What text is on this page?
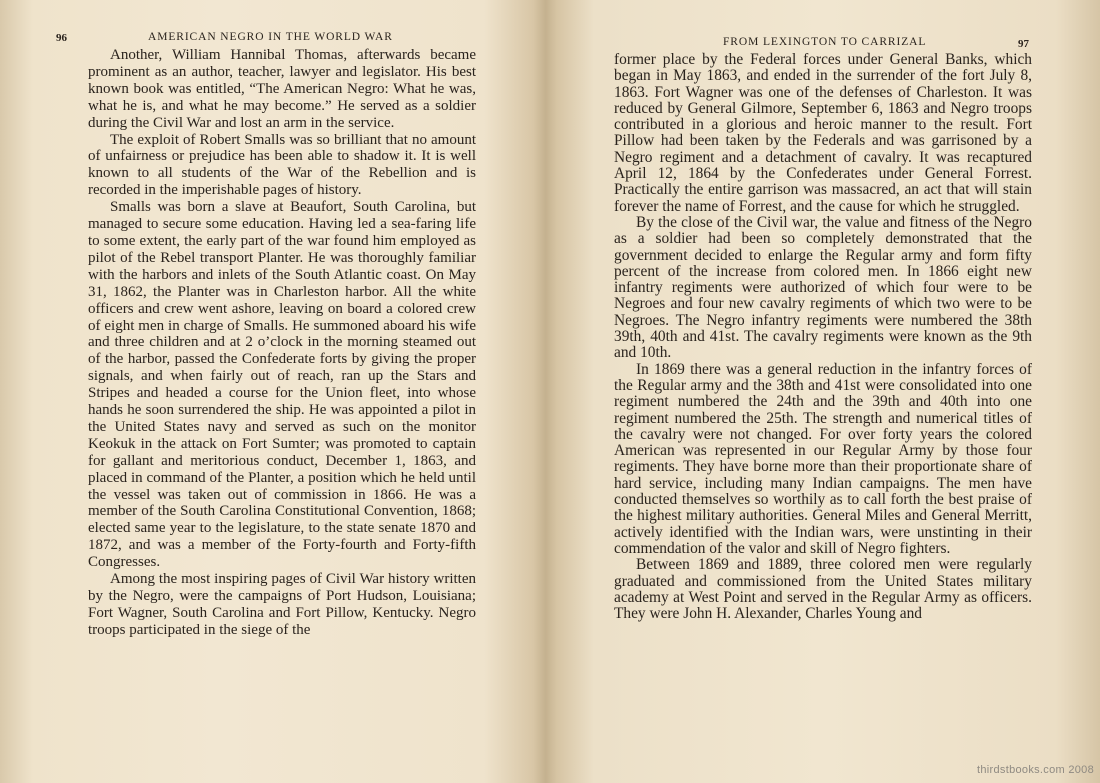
96	AMERICAN NEGRO IN THE WORLD WAR

Another, William Hannibal Thomas, afterwards became prominent as an author, teacher, lawyer and legislator. His best known book was entitled, “The American Negro: What he was, what he is, and what he may become.” He served as a soldier during the Civil War and lost an arm in the service.

The exploit of Robert Smalls was so brilliant that no amount of unfairness or prejudice has been able to shadow it. It is well known to all students of the War of the Rebellion and is recorded in the imperishable pages of history.

Smalls was born a slave at Beaufort, South Carolina, but managed to secure some education. Having led a sea-faring life to some extent, the early part of the war found him employed as pilot of the Rebel transport Planter. He was thoroughly familiar with the harbors and inlets of the South Atlantic coast. On May 31, 1862, the Planter was in Charleston harbor. All the white officers and crew went ashore, leaving on board a colored crew of eight men in charge of Smalls. He summoned aboard his wife and three children and at 2 o’clock in the morning steamed out of the harbor, passed the Confederate forts by giving the proper signals, and when fairly out of reach, ran up the Stars and Stripes and headed a course for the Union fleet, into whose hands he soon surrendered the ship. He was appointed a pilot in the United States navy and served as such on the monitor Keokuk in the attack on Fort Sumter; was promoted to captain for gallant and meritorious conduct, December 1, 1863, and placed in command of the Planter, a position which he held until the vessel was taken out of commission in 1866. He was a member of the South Carolina Constitutional Convention, 1868; elected same year to the legislature, to the state senate 1870 and 1872, and was a member of the Forty-fourth and Forty-fifth Congresses.

Among the most inspiring pages of Civil War history written by the Negro, were the campaigns of Port Hudson, Louisiana; Fort Wagner, South Carolina and Fort Pillow, Kentucky. Negro troops participated in the siege of the

FROM LEXINGTON TO CARRIZAL	97

former place by the Federal forces under General Banks, which began in May 1863, and ended in the surrender of the fort July 8, 1863. Fort Wagner was one of the defenses of Charleston. It was reduced by General Gilmore, September 6, 1863 and Negro troops contributed in a glorious and heroic manner to the result. Fort Pillow had been taken by the Federals and was garrisoned by a Negro regiment and a detachment of cavalry. It was recaptured April 12, 1864 by the Confederates under General Forrest. Practically the entire garrison was massacred, an act that will stain forever the name of Forrest, and the cause for which he struggled.

By the close of the Civil war, the value and fitness of the Negro as a soldier had been so completely demonstrated that the government decided to enlarge the Regular army and form fifty percent of the increase from colored men. In 1866 eight new infantry regiments were authorized of which four were to be Negroes and four new cavalry regiments of which two were to be Negroes. The Negro infantry regiments were numbered the 38th 39th, 40th and 41st. The cavalry regiments were known as the 9th and 10th.

In 1869 there was a general reduction in the infantry forces of the Regular army and the 38th and 41st were consolidated into one regiment numbered the 24th and the 39th and 40th into one regiment numbered the 25th. The strength and numerical titles of the cavalry were not changed. For over forty years the colored American was represented in our Regular Army by those four regiments. They have borne more than their proportionate share of hard service, including many Indian campaigns. The men have conducted themselves so worthily as to call forth the best praise of the highest military authorities. General Miles and General Merritt, actively identified with the Indian wars, were unstinting in their commendation of the valor and skill of Negro fighters.

Between 1869 and 1889, three colored men were regularly graduated and commissioned from the United States military academy at West Point and served in the Regular Army as officers. They were John H. Alexander, Charles Young and

thirdstbooks.com 2008
